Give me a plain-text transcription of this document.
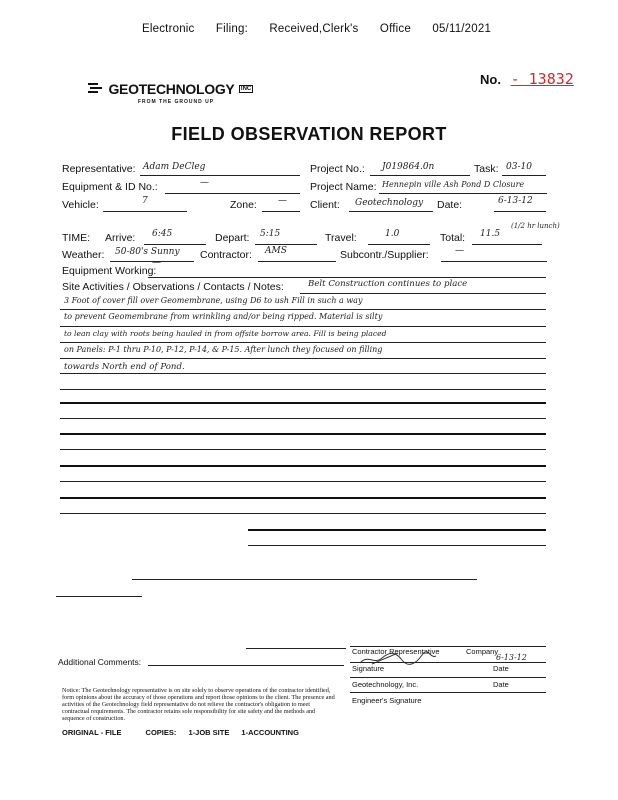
Electronic Filing: Received,Clerk's Office 05/11/2021
GEOTECHNOLOGY INC
FROM THE GROUND UP
No. - 13832
FIELD OBSERVATION REPORT
Representative: Adam DeCleg	Project No.: J019864.0n	Task: 03-10
Equipment & ID No.:	—	Project Name: Hennepin ville Ash Pond D Closure
Vehicle:	7	Zone: — Client: Geotechnology Date:	6-13-12
TIME: Arrive: 6:45	Depart: 5:15	Travel:	1.0	Total: 11.5
(1/2 hr lunch)
Weather: 50-80's Sunny Contractor: AMS	Subcontr./Supplier:	—
Equipment Working:
—
Site Activities / Observations / Contacts / Notes:	Belt Construction continues to place
3 Foot of cover fill over Geomembrane, using D6 to ush Fill in such a way
to prevent Geomembrane from wrinkling and/or being ripped. Material is silty
to lean clay with roots being hauled in from offsite borrow area. Fill is being placed
on Panels: P-1 thru P-10, P-12, P-14, & P-15. After lunch they focused on filling
towards North end of Pond.
Additional Comments:
Contractor Representative	Company
6-13-12
Signature	Date
Geotechnology, Inc.	Date
Engineer's Signature
Notice: The Geotechnology representative is on site solely to observe operations of the contractor identified, form opinions about the accuracy of those operations and report those opinions to the client. The presence and activities of the Geotechnology field representative do not relieve the contractor's obligation to meet contractual requirements. The contractor retains sole responsibility for site safety and the methods and sequence of construction.
ORIGINAL - FILE	COPIES: 1-JOB SITE 1-ACCOUNTING
